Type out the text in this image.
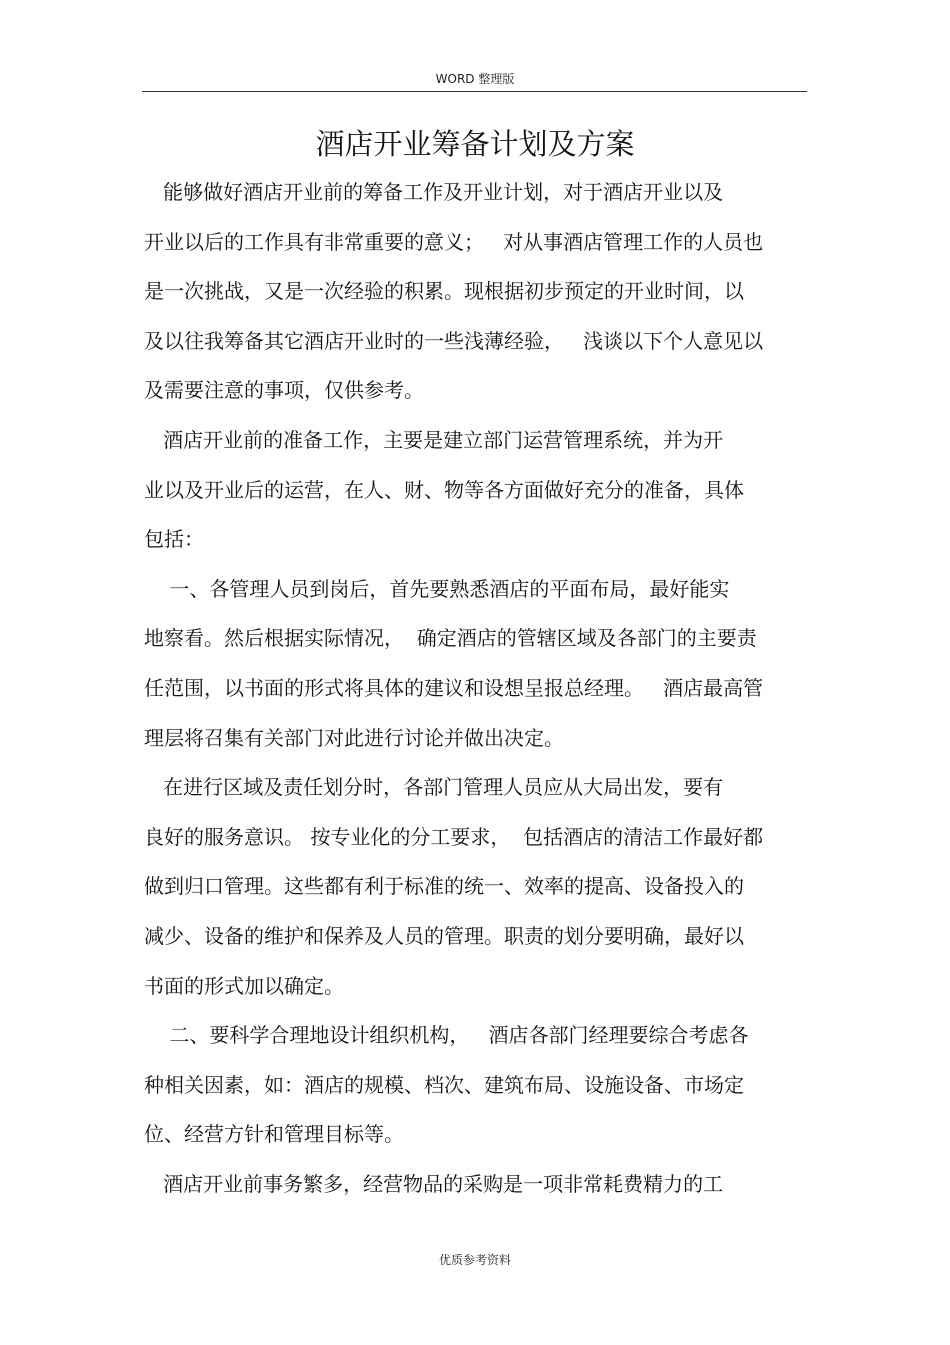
WORD 整理版
酒店开业筹备计划及方案
能够做好酒店开业前的筹备工作及开业计划，对于酒店开业以及
开业以后的工作具有非常重要的意义；   对从事酒店管理工作的人员也
是一次挑战，又是一次经验的积累。现根据初步预定的开业时间，以
及以往我筹备其它酒店开业时的一些浅薄经验，   浅谈以下个人意见以
及需要注意的事项，仅供参考。
酒店开业前的准备工作，主要是建立部门运营管理系统，并为开
业以及开业后的运营，在人、财、物等各方面做好充分的准备，具体
包括：
一、各管理人员到岗后，首先要熟悉酒店的平面布局，最好能实
地察看。然后根据实际情况，  确定酒店的管辖区域及各部门的主要责
任范围，以书面的形式将具体的建议和设想呈报总经理。   酒店最高管
理层将召集有关部门对此进行讨论并做出决定。
在进行区域及责任划分时，各部门管理人员应从大局出发，要有
良好的服务意识。 按专业化的分工要求，  包括酒店的清洁工作最好都
做到归口管理。这些都有利于标准的统一、效率的提高、设备投入的
减少、设备的维护和保养及人员的管理。职责的划分要明确，最好以
书面的形式加以确定。
二、要科学合理地设计组织机构，   酒店各部门经理要综合考虑各
种相关因素，如：酒店的规模、档次、建筑布局、设施设备、市场定
位、经营方针和管理目标等。
酒店开业前事务繁多，经营物品的采购是一项非常耗费精力的工
优质参考资料
